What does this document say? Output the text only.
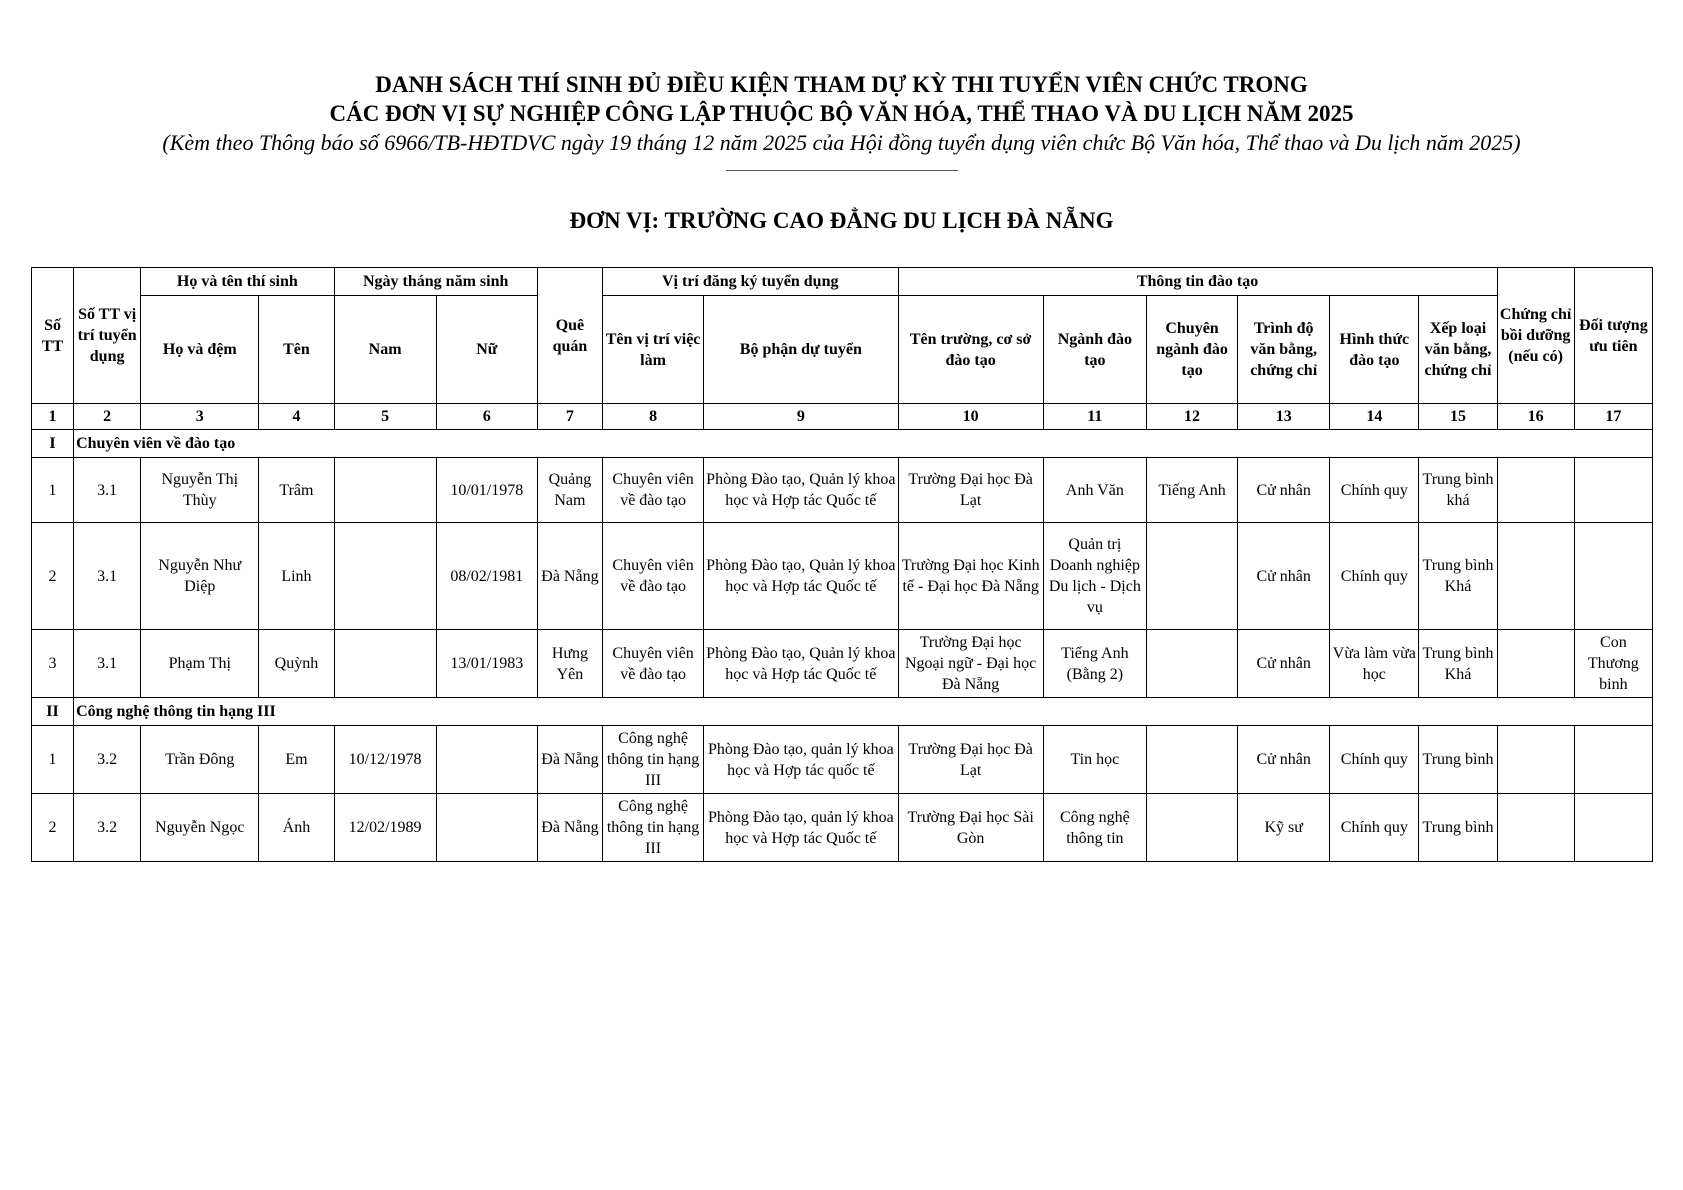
DANH SÁCH THÍ SINH ĐỦ ĐIỀU KIỆN THAM DỰ KỲ THI TUYỂN VIÊN CHỨC TRONG
CÁC ĐƠN VỊ SỰ NGHIỆP CÔNG LẬP THUỘC BỘ VĂN HÓA, THỂ THAO VÀ DU LỊCH NĂM 2025
(Kèm theo Thông báo số 6966/TB-HĐTDVC ngày 19 tháng 12 năm 2025 của Hội đồng tuyển dụng viên chức Bộ Văn hóa, Thể thao và Du lịch năm 2025)
ĐƠN VỊ: TRƯỜNG CAO ĐẲNG DU LỊCH ĐÀ NẴNG
Số TT	Số TT vị trí tuyển dụng	Họ và tên thí sinh		Ngày tháng năm sinh		Quê quán	Vị trí đăng ký tuyển dụng		Thông tin đào tạo						Chứng chỉ bồi dưỡng (nếu có)	Đối tượng ưu tiên
		Họ và đệm	Tên	Nam	Nữ		Tên vị trí việc làm	Bộ phận dự tuyển	Tên trường, cơ sở đào tạo	Ngành đào tạo	Chuyên ngành đào tạo	Trình độ văn bằng, chứng chỉ	Hình thức đào tạo	Xếp loại văn bằng, chứng chỉ		
1	2	3	4	5	6	7	8	9	10	11	12	13	14	15	16	17
I	Chuyên viên về đào tạo															
1	3.1	Nguyễn Thị Thùy	Trâm		10/01/1978	Quảng Nam	Chuyên viên về đào tạo	Phòng Đào tạo, Quản lý khoa học và Hợp tác Quốc tế	Trường Đại học Đà Lạt	Anh Văn	Tiếng Anh	Cử nhân	Chính quy	Trung bình khá		
2	3.1	Nguyễn Như Diệp	Linh		08/02/1981	Đà Nẵng	Chuyên viên về đào tạo	Phòng Đào tạo, Quản lý khoa học và Hợp tác Quốc tế	Trường Đại học Kinh tế - Đại học Đà Nẵng	Quản trị Doanh nghiệp Du lịch - Dịch vụ		Cử nhân	Chính quy	Trung bình Khá		
3	3.1	Phạm Thị	Quỳnh		13/01/1983	Hưng Yên	Chuyên viên về đào tạo	Phòng Đào tạo, Quản lý khoa học và Hợp tác Quốc tế	Trường Đại học Ngoại ngữ - Đại học Đà Nẵng	Tiếng Anh (Bằng 2)		Cử nhân	Vừa làm vừa học	Trung bình Khá		Con Thương binh
II	Công nghệ thông tin hạng III															
1	3.2	Trần Đông	Em	10/12/1978		Đà Nẵng	Công nghệ thông tin hạng III	Phòng Đào tạo, quản lý khoa học và Hợp tác quốc tế	Trường Đại học Đà Lạt	Tin học		Cử nhân	Chính quy	Trung bình		
2	3.2	Nguyễn Ngọc	Ánh	12/02/1989		Đà Nẵng	Công nghệ thông tin hạng III	Phòng Đào tạo, quản lý khoa học và Hợp tác Quốc tế	Trường Đại học Sài Gòn	Công nghệ thông tin		Kỹ sư	Chính quy	Trung bình		
